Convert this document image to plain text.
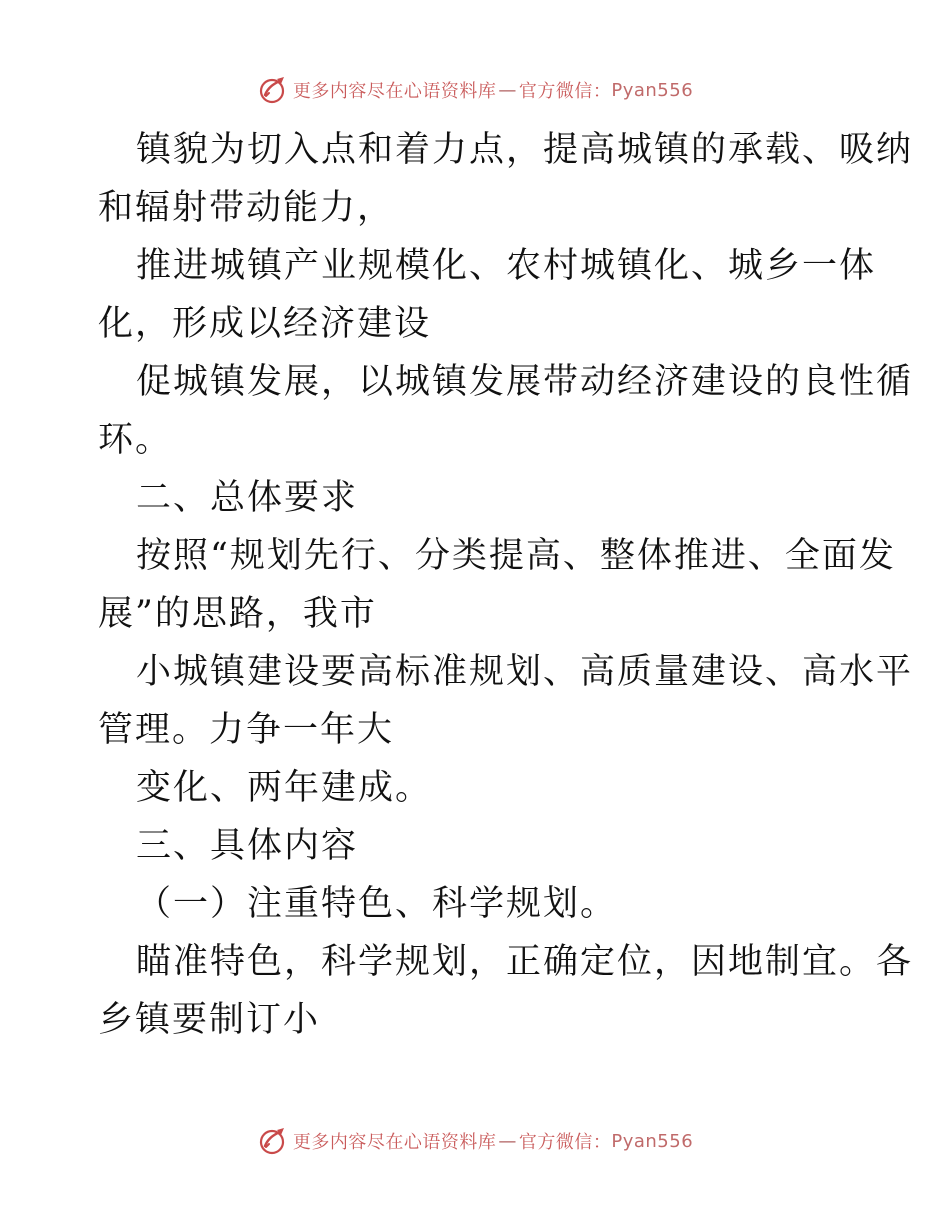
更多内容尽在心语资料库 — 官方微信： Pyan556
镇貌为切入点和着力点，提高城镇的承载、吸纳
和辐射带动能力，
推进城镇产业规模化、农村城镇化、城乡一体
化，形成以经济建设
促城镇发展，以城镇发展带动经济建设的良性循
环。
二、总体要求
按照“规划先行、分类提高、整体推进、全面发
展”的思路，我市
小城镇建设要高标准规划、高质量建设、高水平
管理。力争一年大
变化、两年建成。
三、具体内容
（一）注重特色、科学规划。
瞄准特色，科学规划，正确定位，因地制宜。各
乡镇要制订小
更多内容尽在心语资料库 — 官方微信： Pyan556
